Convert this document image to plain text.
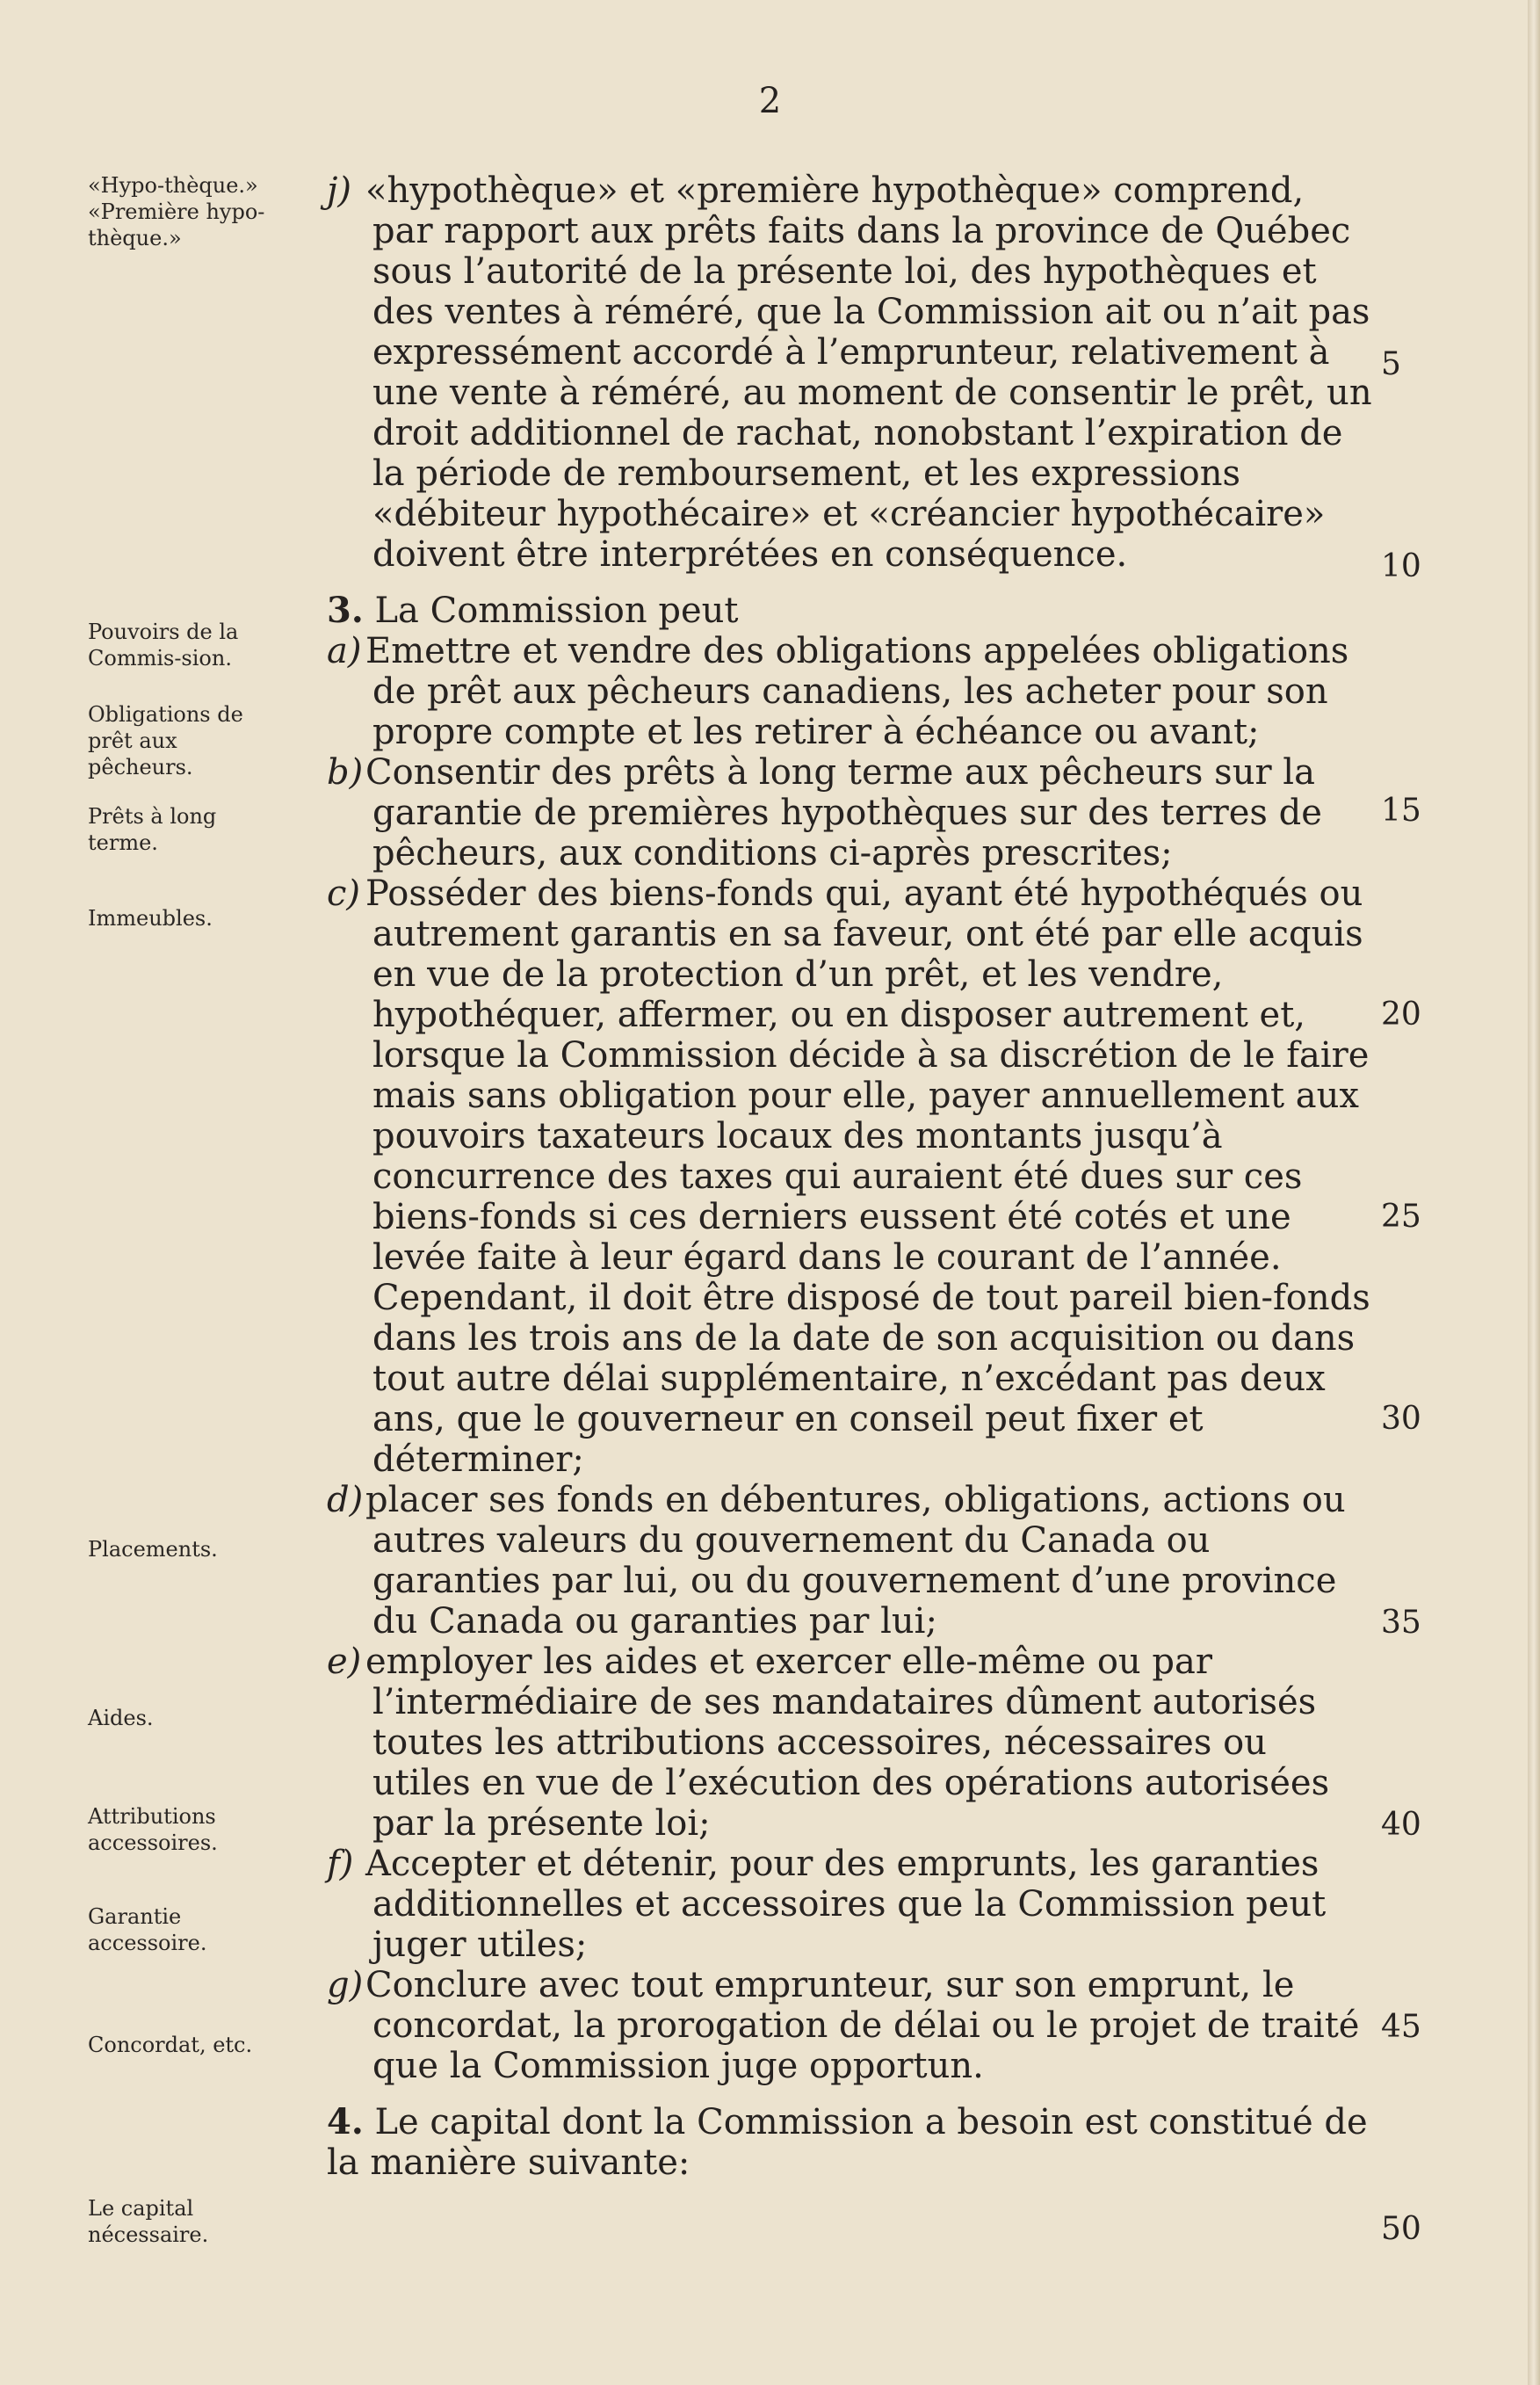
2
«Hypo-thèque.» «Première hypo-thèque.»
Pouvoirs de la Commis-sion.
Obligations de prêt aux pêcheurs.
Prêts à long terme.
Immeubles.
Placements.
Aides.
Attributions accessoires.
Garantie accessoire.
Concordat, etc.
Le capital nécessaire.

j) «hypothèque» et «première hypothèque» comprend, par rapport aux prêts faits dans la province de Québec sous l’autorité de la présente loi, des hypothèques et des ventes à réméré, que la Commission ait ou n’ait pas expressément accordé à l’emprunteur, relativement à une vente à réméré, au moment de consentir le prêt, un droit additionnel de rachat, nonobstant l’expiration de la période de remboursement, et les expressions «débiteur hypothécaire» et «créancier hypothécaire» doivent être interprétées en conséquence.

3. La Commission peut

a) Emettre et vendre des obligations appelées obligations de prêt aux pêcheurs canadiens, les acheter pour son propre compte et les retirer à échéance ou avant;

b)Consentir des prêts à long terme aux pêcheurs sur la garantie de premières hypothèques sur des terres de pêcheurs, aux conditions ci-après prescrites;

c) Posséder des biens-fonds qui, ayant été hypothéqués ou autrement garantis en sa faveur, ont été par elle acquis en vue de la protection d’un prêt, et les vendre, hypothéquer, affermer, ou en disposer autrement et, lorsque la Commission décide à sa discrétion de le faire mais sans obligation pour elle, payer annuellement aux pouvoirs taxateurs locaux des montants jusqu’à concurrence des taxes qui auraient été dues sur ces biens-fonds si ces derniers eussent été cotés et une levée faite à leur égard dans le courant de l’année. Cependant, il doit être disposé de tout pareil bien-fonds dans les trois ans de la date de son acquisition ou dans tout autre délai supplémentaire, n’excédant pas deux ans, que le gouverneur en conseil peut fixer et déterminer;

d)placer ses fonds en débentures, obligations, actions ou autres valeurs du gouvernement du Canada ou garanties par lui, ou du gouvernement d’une province du Canada ou garanties par lui;

e) employer les aides et exercer elle-même ou par l’intermédiaire de ses mandataires dûment autorisés toutes les attributions accessoires, nécessaires ou utiles en vue de l’exécution des opérations autorisées par la présente loi;

f) Accepter et détenir, pour des emprunts, les garanties additionnelles et accessoires que la Commission peut juger utiles;

g)Conclure avec tout emprunteur, sur son emprunt, le concordat, la prorogation de délai ou le projet de traité que la Commission juge opportun.

4. Le capital dont la Commission a besoin est constitué de la manière suivante:

5
10
15
20
25
30
35
40
45
50
